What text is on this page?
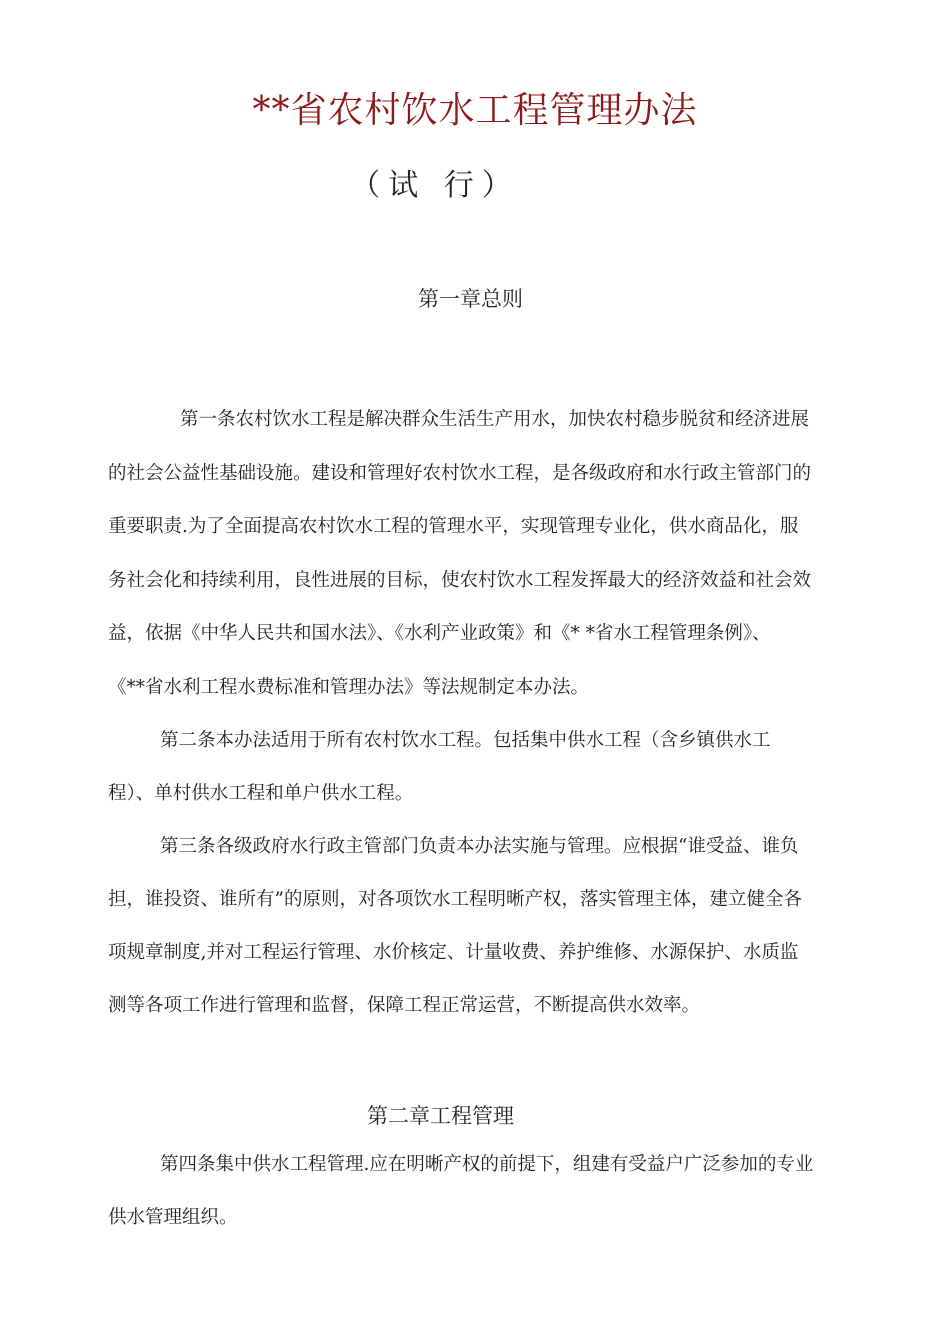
**省农村饮水工程管理办法
（试 行）
第一章总则
第一条农村饮水工程是解决群众生活生产用水，加快农村稳步脱贫和经济进展
的社会公益性基础设施。建设和管理好农村饮水工程，是各级政府和水行政主管部门的
重要职责.为了全面提高农村饮水工程的管理水平，实现管理专业化，供水商品化，服
务社会化和持续利用，良性进展的目标，使农村饮水工程发挥最大的经济效益和社会效
益，依据《中华人民共和国水法》、《水利产业政策》和《* *省水工程管理条例》、
《**省水利工程水费标准和管理办法》等法规制定本办法。
第二条本办法适用于所有农村饮水工程。包括集中供水工程（含乡镇供水工
程）、单村供水工程和单户供水工程。
第三条各级政府水行政主管部门负责本办法实施与管理。应根据“谁受益、谁负
担，谁投资、谁所有”的原则，对各项饮水工程明晰产权，落实管理主体，建立健全各
项规章制度,并对工程运行管理、水价核定、计量收费、养护维修、水源保护、水质监
测等各项工作进行管理和监督，保障工程正常运营，不断提高供水效率。
第二章工程管理
第四条集中供水工程管理.应在明晰产权的前提下，组建有受益户广泛参加的专业
供水管理组织。
